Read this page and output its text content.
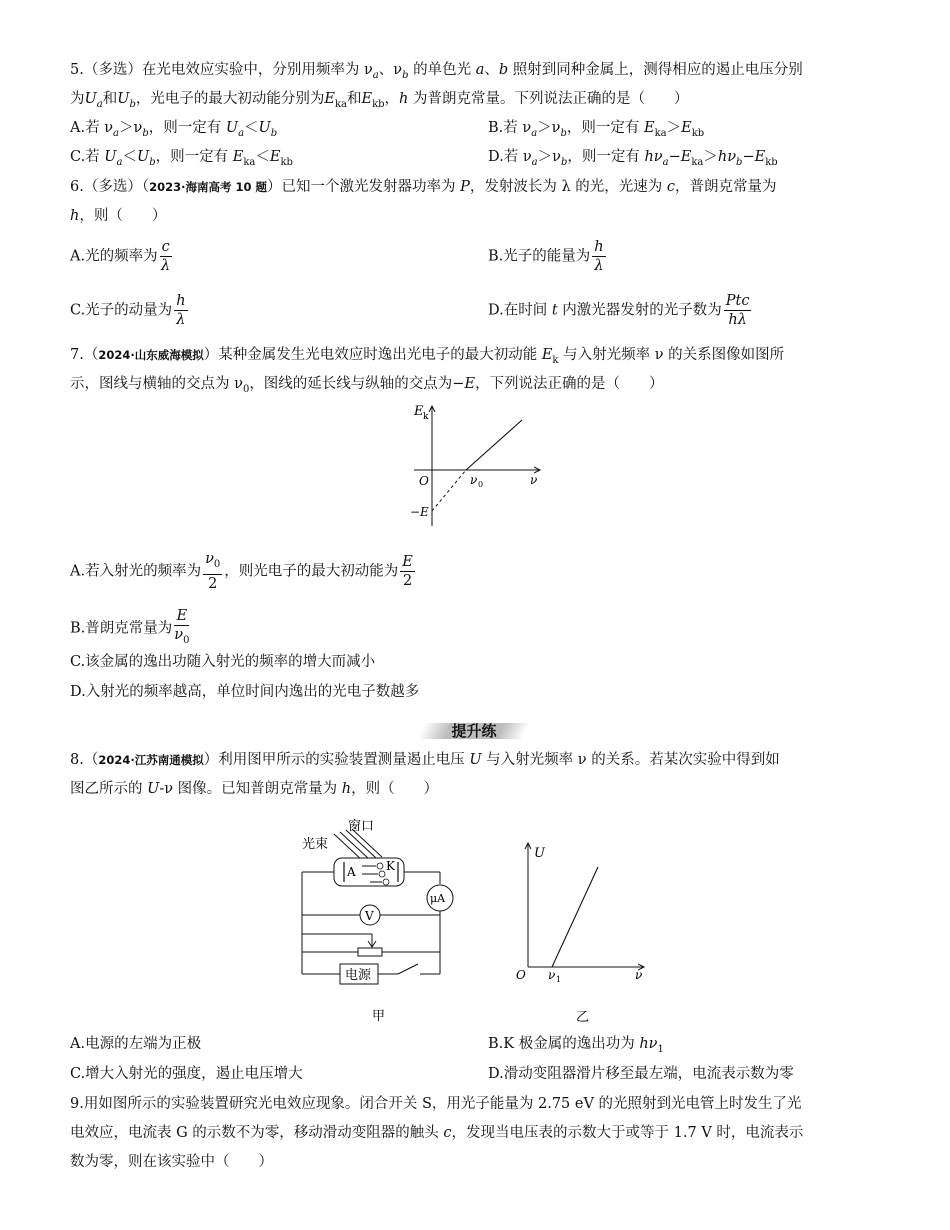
5.（多选）在光电效应实验中，分别用频率为 $\nu_a$、$\nu_b$ 的单色光 a、b 照射到同种金属上，测得相应的遏止电压分别
为$U_a$和$U_b$，光电子的最大初动能分别为$E_{ka}$和$E_{kb}$，h 为普朗克常量。下列说法正确的是（　　）
A.若 $\nu_a>\nu_b$，则一定有 $U_a<U_b$	B.若 $\nu_a>\nu_b$，则一定有 $E_{ka}>E_{kb}$
C.若 $U_a<U_b$，则一定有 $E_{ka}<E_{kb}$	D.若 $\nu_a>\nu_b$，则一定有 $h\nu_a-E_{ka}>h\nu_b-E_{kb}$
6.（多选）（2023·海南高考 10 题）已知一个激光发射器功率为 P，发射波长为 λ 的光，光速为 c，普朗克常量为
h，则（　　）
A.光的频率为 $\frac{c}{\lambda}$	B.光子的能量为 $\frac{h}{\lambda}$
C.光子的动量为 $\frac{h}{\lambda}$	D.在时间 t 内激光器发射的光子数为 $\frac{\text{Ptc}}{h\lambda}$
7.（2024·山东威海模拟）某种金属发生光电效应时逸出光电子的最大初动能 $E_k$ 与入射光频率 ν 的关系图像如图所
示，图线与横轴的交点为 $\nu_0$，图线的延长线与纵轴的交点为−E，下列说法正确的是（　　）
E k
O	ν 0	ν
−E
A.若入射光的频率为 $\frac{\nu_0}{2}$ ，则光电子的最大初动能为 $\frac{E}{2}$
B.普朗克常量为 $\frac{E}{\nu_0}$
C.该金属的逸出功随入射光的频率的增大而减小
D.入射光的频率越高，单位时间内逸出的光电子数越多
提升练
8.（2024·江苏南通模拟）利用图甲所示的实验装置测量遏止电压 U 与入射光频率 ν 的关系。若某次实验中得到如
图乙所示的 U-ν 图像。已知普朗克常量为 h，则（　　）
窗口
光束
A	K
μA
V
电源
甲
U
O ν 1	ν
乙
A.电源的左端为正极	B.K 极金属的逸出功为 $h\nu_1$
C.增大入射光的强度，遏止电压增大	D.滑动变阻器滑片移至最左端，电流表示数为零
9.用如图所示的实验装置研究光电效应现象。闭合开关 S，用光子能量为 2.75 eV 的光照射到光电管上时发生了光
电效应，电流表 G 的示数不为零，移动滑动变阻器的触头 c，发现当电压表的示数大于或等于 1.7 V 时，电流表示
数为零，则在该实验中（　　）
